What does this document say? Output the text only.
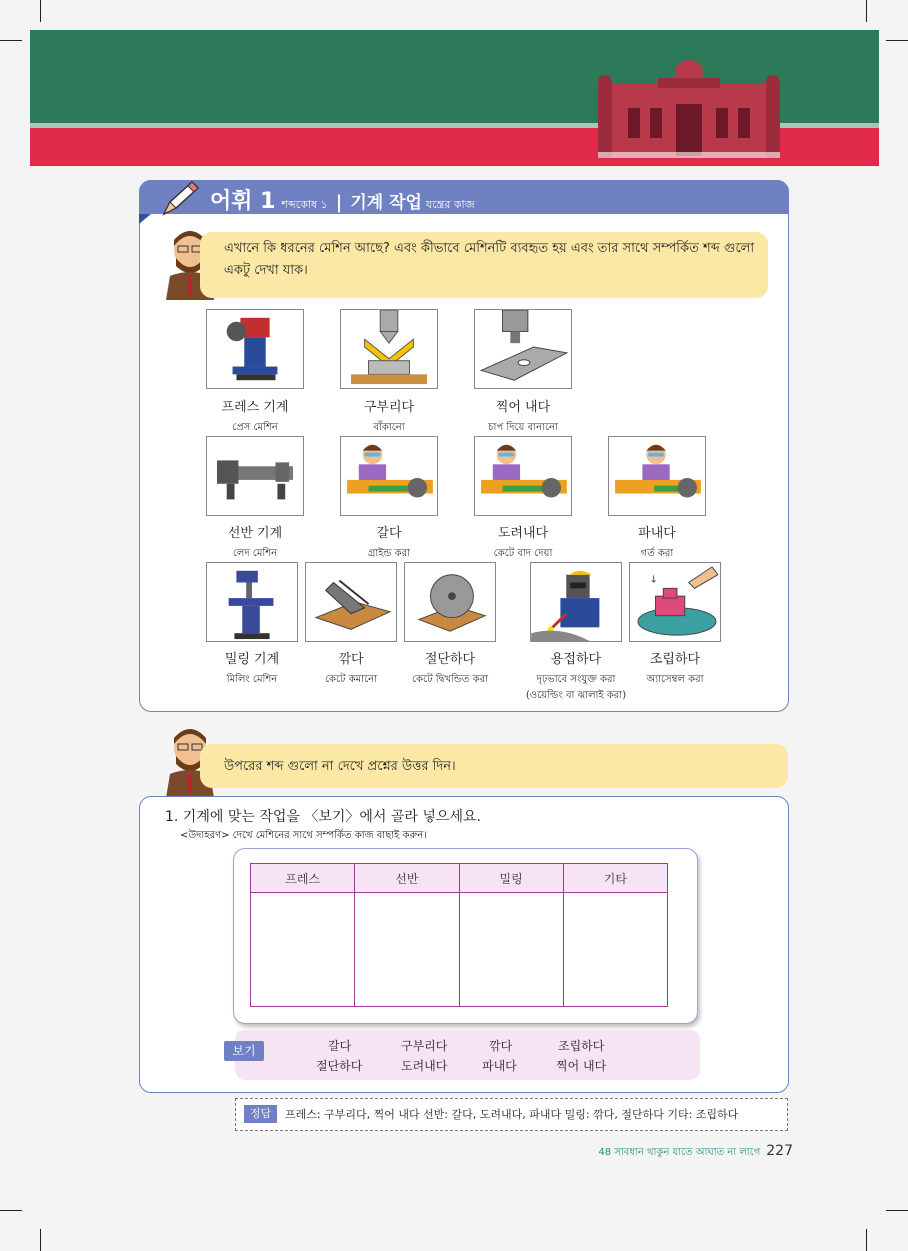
어휘 1 শব্দকোষ ১ | 기계 작업 যন্ত্রের কাজ
এখানে কি ধরনের মেশিন আছে? এবং কীভাবে মেশিনটি ব্যবহৃত হয় এবং তার সাথে সম্পর্কিত শব্দ গুলো একটু দেখা যাক।
↓
프레스 기계
প্রেস মেশিন
구부리다
বাঁকানো
찍어 내다
চাপ দিয়ে বানানো
선반 기계
লেদ মেশিন
갈다
গ্রাইন্ড করা
도려내다
কেটে বাদ দেয়া
파내다
গর্ত করা
밀링 기계
মিলিং মেশিন
깎다
কেটে কমানো
절단하다
কেটে দ্বিখন্ডিত করা
용접하다
দৃঢ়ভাবে সংযুক্ত করা
(ওয়েল্ডিং বা ঝালাই করা)
조립하다
অ্যাসেম্বল করা
উপরের শব্দ গুলো না দেখে প্রশ্নের উত্তর দিন।
1. 기계에 맞는 작업을 〈보기〉에서 골라 넣으세요.
<উদাহরণ> দেখে মেশিনের সাথে সম্পর্কিত কাজ বাছাই করুন।
프레스	선반	밀링	기타

보기	갈다	구부리다	깎다	조립하다
절단하다	도려내다	파내다	찍어 내다
정답	프레스: 구부리다, 찍어 내다 선반: 갈다, 도려내다, 파내다 밀링: 깎다, 절단하다 기타: 조립하다
48 সাবধান থাকুন যাতে আঘাত না লাগে 227
